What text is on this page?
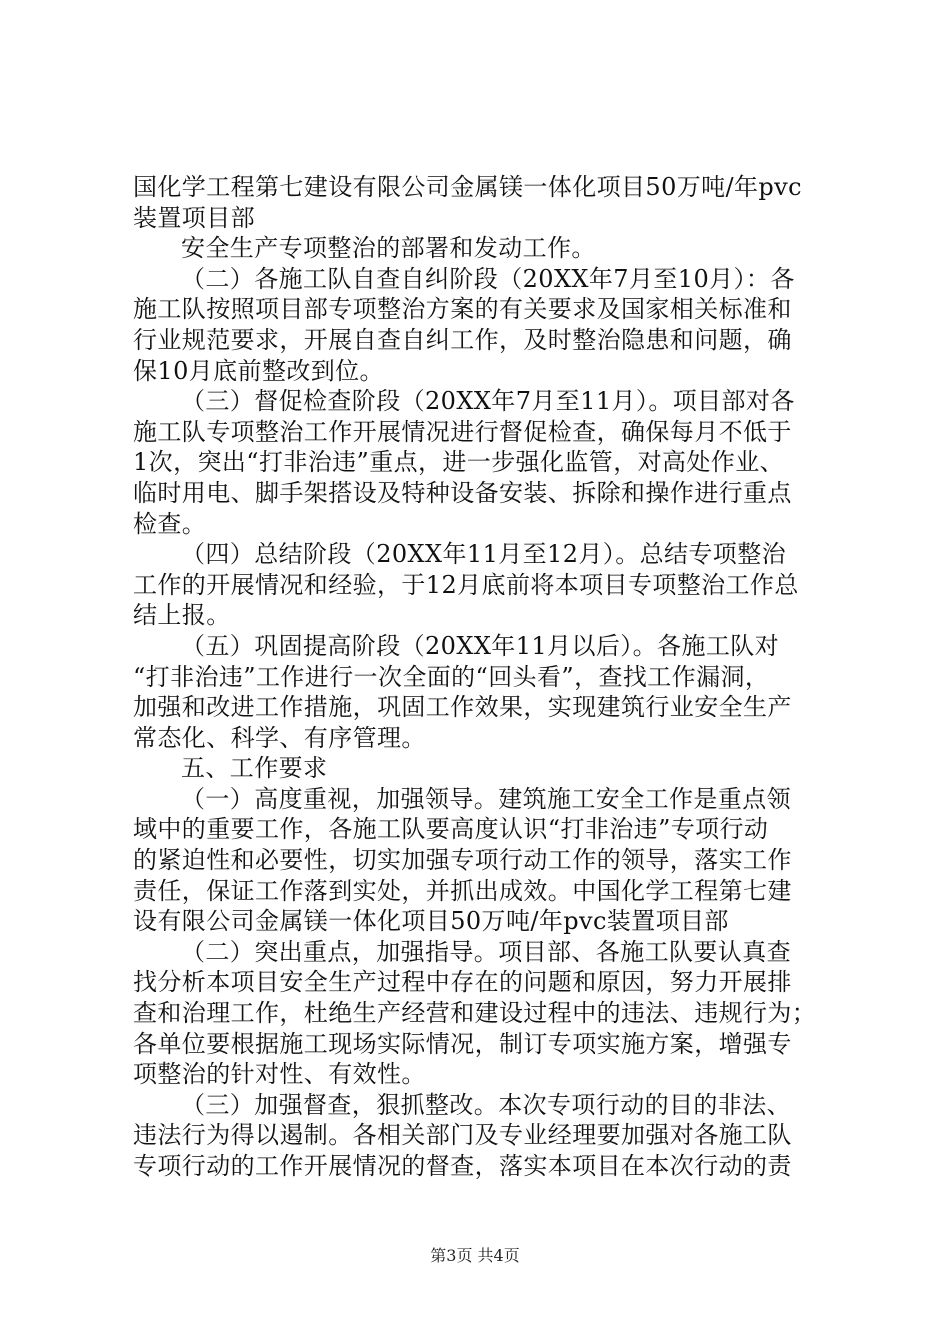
国化学工程第七建设有限公司金属镁一体化项目50万吨/年pvc
装置项目部
安全生产专项整治的部署和发动工作。
（二）各施工队自查自纠阶段（20XX年7月至10月）：各
施工队按照项目部专项整治方案的有关要求及国家相关标准和
行业规范要求，开展自查自纠工作，及时整治隐患和问题，确
保10月底前整改到位。
（三）督促检查阶段（20XX年7月至11月）。项目部对各
施工队专项整治工作开展情况进行督促检查，确保每月不低于
1次，突出“打非治违”重点，进一步强化监管，对高处作业、
临时用电、脚手架搭设及特种设备安装、拆除和操作进行重点
检查。
（四）总结阶段（20XX年11月至12月）。总结专项整治
工作的开展情况和经验，于12月底前将本项目专项整治工作总
结上报。
（五）巩固提高阶段（20XX年11月以后）。各施工队对
“打非治违”工作进行一次全面的“回头看”，查找工作漏洞，
加强和改进工作措施，巩固工作效果，实现建筑行业安全生产
常态化、科学、有序管理。
五、工作要求
（一）高度重视，加强领导。建筑施工安全工作是重点领
域中的重要工作，各施工队要高度认识“打非治违”专项行动
的紧迫性和必要性，切实加强专项行动工作的领导，落实工作
责任，保证工作落到实处，并抓出成效。中国化学工程第七建
设有限公司金属镁一体化项目50万吨/年pvc装置项目部
（二）突出重点，加强指导。项目部、各施工队要认真查
找分析本项目安全生产过程中存在的问题和原因，努力开展排
查和治理工作，杜绝生产经营和建设过程中的违法、违规行为；
各单位要根据施工现场实际情况，制订专项实施方案，增强专
项整治的针对性、有效性。
（三）加强督查，狠抓整改。本次专项行动的目的非法、
违法行为得以遏制。各相关部门及专业经理要加强对各施工队
专项行动的工作开展情况的督查，落实本项目在本次行动的责
第3页 共4页
